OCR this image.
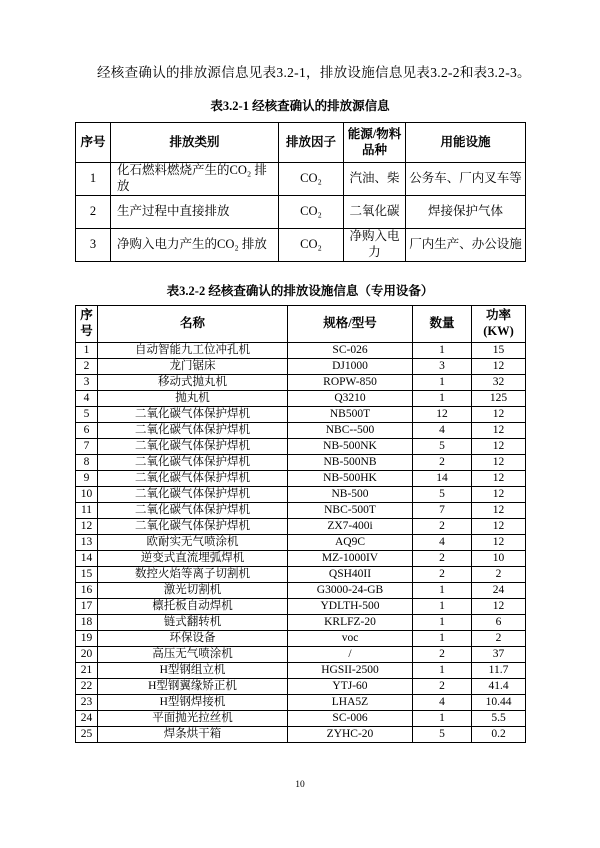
经核查确认的排放源信息见表3.2-1，排放设施信息见表3.2-2和表3.2-3。

表3.2-1 经核查确认的排放源信息
序号	排放类别	排放因子	能源/物料品种	用能设施
1	化石燃料燃烧产生的CO₂ 排放	CO₂	汽油、柴	公务车、厂内叉车等
2	生产过程中直接排放	CO₂	二氧化碳	焊接保护气体
3	净购入电力产生的CO₂ 排放	CO₂	净购入电力	厂内生产、办公设施
表3.2-2 经核查确认的排放设施信息（专用设备）
序号	名称	规格/型号	数量	功率(KW)
1	自动智能九工位冲孔机	SC-026	1	15
2	龙门锯床	DJ1000	3	12
3	移动式抛丸机	ROPW-850	1	32
4	抛丸机	Q3210	1	125
5	二氧化碳气体保护焊机	NB500T	12	12
6	二氧化碳气体保护焊机	NBC--500	4	12
7	二氧化碳气体保护焊机	NB-500NK	5	12
8	二氧化碳气体保护焊机	NB-500NB	2	12
9	二氧化碳气体保护焊机	NB-500HK	14	12
10	二氧化碳气体保护焊机	NB-500	5	12
11	二氧化碳气体保护焊机	NBC-500T	7	12
12	二氧化碳气体保护焊机	ZX7-400i	2	12
13	欧耐实无气喷涂机	AQ9C	4	12
14	逆变式直流埋弧焊机	MZ-1000IV	2	10
15	数控火焰等离子切割机	QSH40II	2	2
16	激光切割机	G3000-24-GB	1	24
17	檩托板自动焊机	YDLTH-500	1	12
18	链式翻转机	KRLFZ-20	1	6
19	环保设备	voc	1	2
20	高压无气喷涂机	/	2	37
21	H型钢组立机	HGSII-2500	1	11.7
22	H型钢翼缘矫正机	YTJ-60	2	41.4
23	H型钢焊接机	LHA5Z	4	10.44
24	平面抛光拉丝机	SC-006	1	5.5
25	焊条烘干箱	ZYHC-20	5	0.2
10
